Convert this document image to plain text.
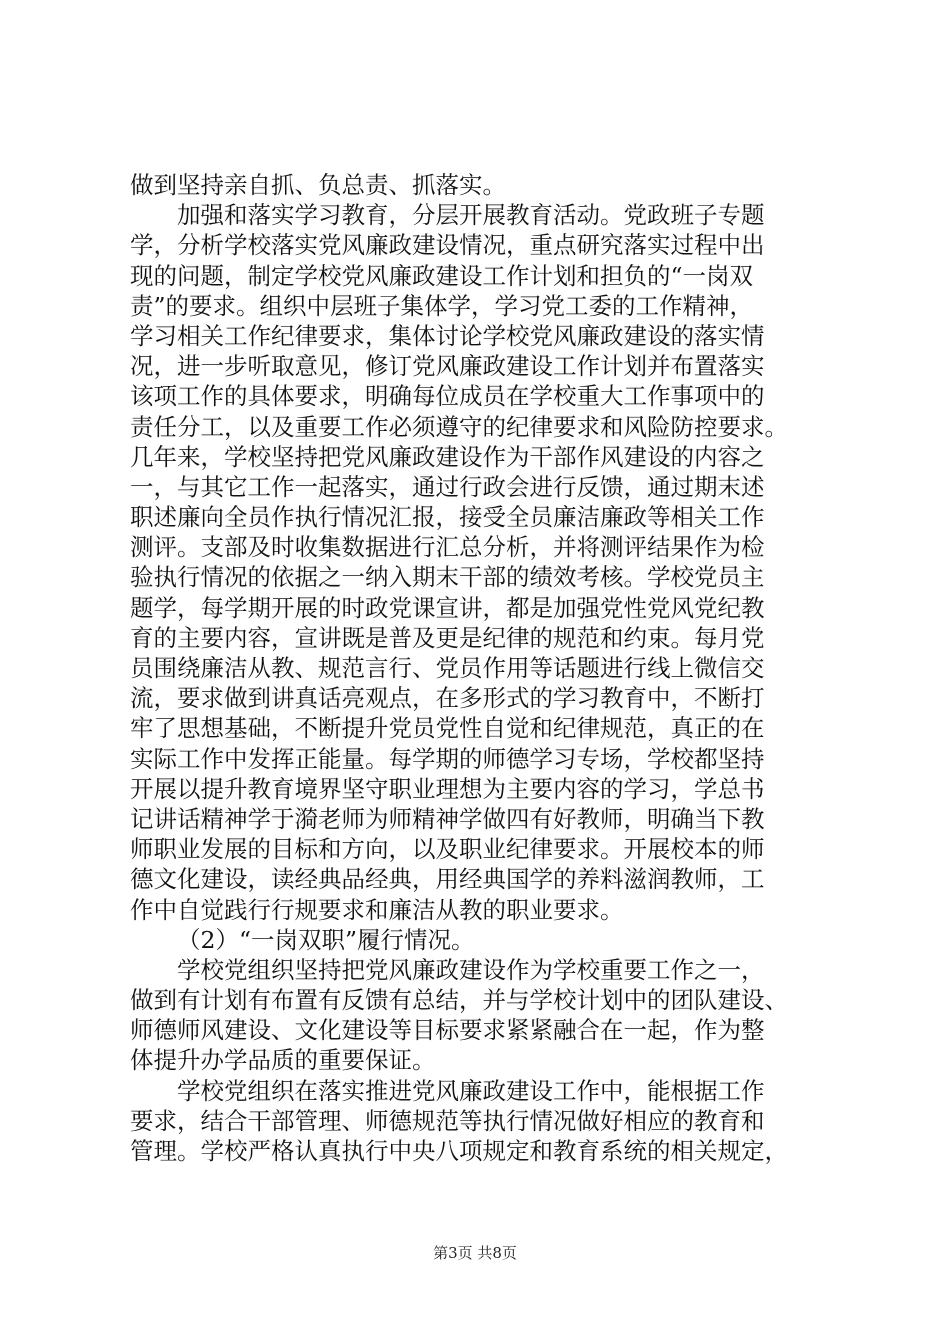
做到坚持亲自抓、负总责、抓落实。
加强和落实学习教育，分层开展教育活动。党政班子专题
学，分析学校落实党风廉政建设情况，重点研究落实过程中出
现的问题，制定学校党风廉政建设工作计划和担负的“一岗双
责”的要求。组织中层班子集体学，学习党工委的工作精神，
学习相关工作纪律要求，集体讨论学校党风廉政建设的落实情
况，进一步听取意见，修订党风廉政建设工作计划并布置落实
该项工作的具体要求，明确每位成员在学校重大工作事项中的
责任分工，以及重要工作必须遵守的纪律要求和风险防控要求。
几年来，学校坚持把党风廉政建设作为干部作风建设的内容之
一，与其它工作一起落实，通过行政会进行反馈，通过期末述
职述廉向全员作执行情况汇报，接受全员廉洁廉政等相关工作
测评。支部及时收集数据进行汇总分析，并将测评结果作为检
验执行情况的依据之一纳入期末干部的绩效考核。学校党员主
题学，每学期开展的时政党课宣讲，都是加强党性党风党纪教
育的主要内容，宣讲既是普及更是纪律的规范和约束。每月党
员围绕廉洁从教、规范言行、党员作用等话题进行线上微信交
流，要求做到讲真话亮观点，在多形式的学习教育中，不断打
牢了思想基础，不断提升党员党性自觉和纪律规范，真正的在
实际工作中发挥正能量。每学期的师德学习专场，学校都坚持
开展以提升教育境界坚守职业理想为主要内容的学习，学总书
记讲话精神学于漪老师为师精神学做四有好教师，明确当下教
师职业发展的目标和方向，以及职业纪律要求。开展校本的师
德文化建设，读经典品经典，用经典国学的养料滋润教师，工
作中自觉践行行规要求和廉洁从教的职业要求。
（2）“一岗双职”履行情况。
学校党组织坚持把党风廉政建设作为学校重要工作之一，
做到有计划有布置有反馈有总结，并与学校计划中的团队建设、
师德师风建设、文化建设等目标要求紧紧融合在一起，作为整
体提升办学品质的重要保证。
学校党组织在落实推进党风廉政建设工作中，能根据工作
要求，结合干部管理、师德规范等执行情况做好相应的教育和
管理。学校严格认真执行中央八项规定和教育系统的相关规定，
第3页 共8页
